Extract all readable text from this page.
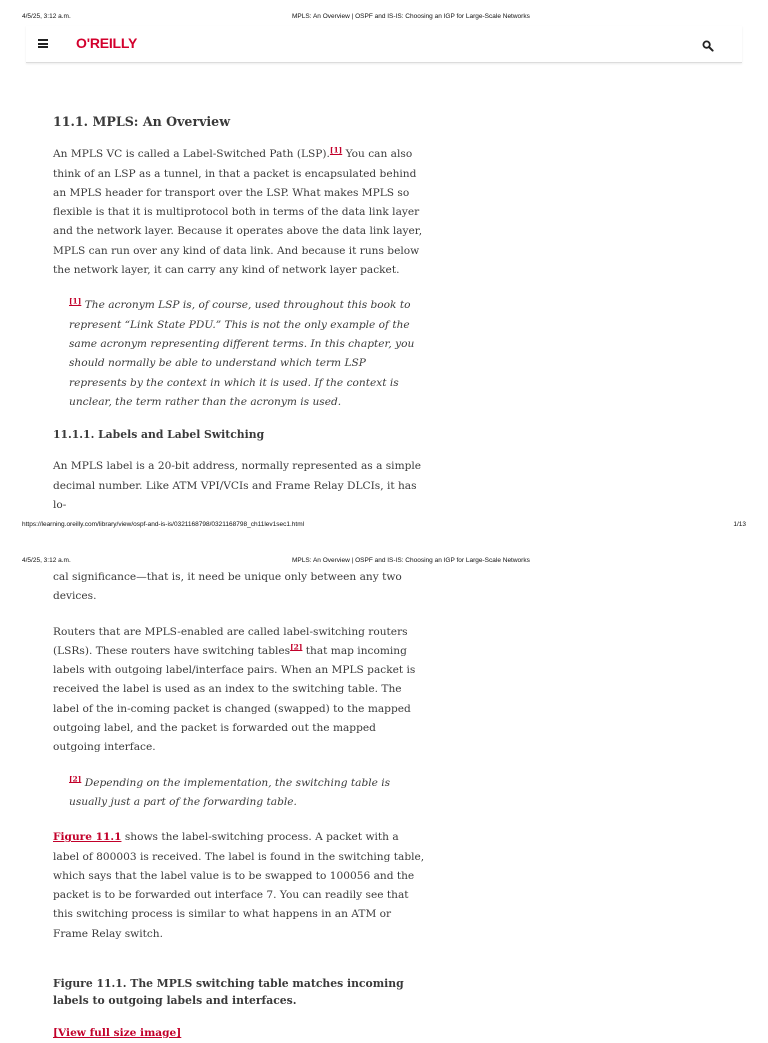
4/5/25, 3:12 a.m.	MPLS: An Overview | OSPF and IS-IS: Choosing an IGP for Large-Scale Networks
O'REILLY
11.1. MPLS: An Overview

An MPLS VC is called a Label-Switched Path (LSP).[1] You can also think of an LSP as a tunnel, in that a packet is encapsulated behind an MPLS header for transport over the LSP. What makes MPLS so flexible is that it is multiprotocol both in terms of the data link layer and the network layer. Because it operates above the data link layer, MPLS can run over any kind of data link. And because it runs below the network layer, it can carry any kind of network layer packet.

[1] The acronym LSP is, of course, used throughout this book to represent “Link State PDU.” This is not the only example of the same acronym representing different terms. In this chapter, you should normally be able to understand which term LSP represents by the context in which it is used. If the context is unclear, the term rather than the acronym is used.

11.1.1. Labels and Label Switching

An MPLS label is a 20-bit address, normally represented as a simple decimal number. Like ATM VPI/VCIs and Frame Relay DLCIs, it has lo-

https://learning.oreilly.com/library/view/ospf-and-is-is/0321168798/0321168798_ch11lev1sec1.html	1/13
4/5/25, 3:12 a.m.	MPLS: An Overview | OSPF and IS-IS: Choosing an IGP for Large-Scale Networks

cal significance—that is, it need be unique only between any two devices.

Routers that are MPLS-enabled are called label-switching routers (LSRs). These routers have switching tables[2] that map incoming labels with outgoing label/interface pairs. When an MPLS packet is received the label is used as an index to the switching table. The label of the in-coming packet is changed (swapped) to the mapped outgoing label, and the packet is forwarded out the mapped outgoing interface.

[2] Depending on the implementation, the switching table is usually just a part of the forwarding table.

Figure 11.1 shows the label-switching process. A packet with a label of 800003 is received. The label is found in the switching table, which says that the label value is to be swapped to 100056 and the packet is to be forwarded out interface 7. You can readily see that this switching process is similar to what happens in an ATM or Frame Relay switch.

Figure 11.1. The MPLS switching table matches incoming labels to outgoing labels and interfaces.

[View full size image]
